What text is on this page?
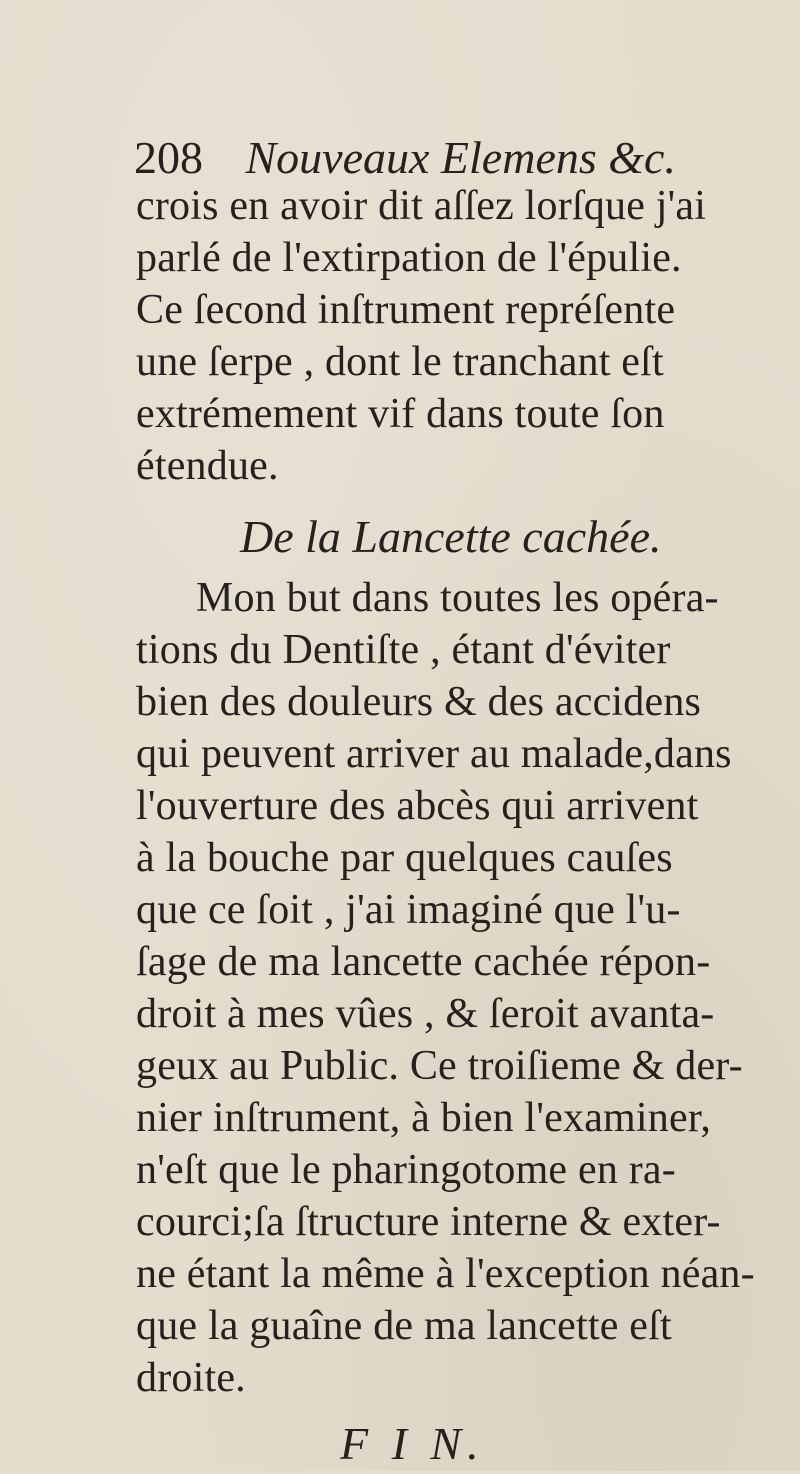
208 Nouveaux Elemens &c.
crois en avoir dit aſſez lorſque j'ai
parlé de l'extirpation de l'épulie.
Ce ſecond inſtrument repréſente
une ſerpe , dont le tranchant eſt
extrémement vif dans toute ſon
étendue.
De la Lancette cachée.
Mon but dans toutes les opéra-
tions du Dentiſte , étant d'éviter
bien des douleurs & des accidens
qui peuvent arriver au malade,dans
l'ouverture des abcès qui arrivent
à la bouche par quelques cauſes
que ce ſoit , j'ai imaginé que l'u-
ſage de ma lancette cachée répon-
droit à mes vûes , & ſeroit avanta-
geux au Public. Ce troiſieme & der-
nier inſtrument, à bien l'examiner,
n'eſt que le pharingotome en ra-
courci;ſa ſtructure interne & exter-
ne étant la même à l'exception néan-
que la guaîne de ma lancette eſt
droite.
F I N.
